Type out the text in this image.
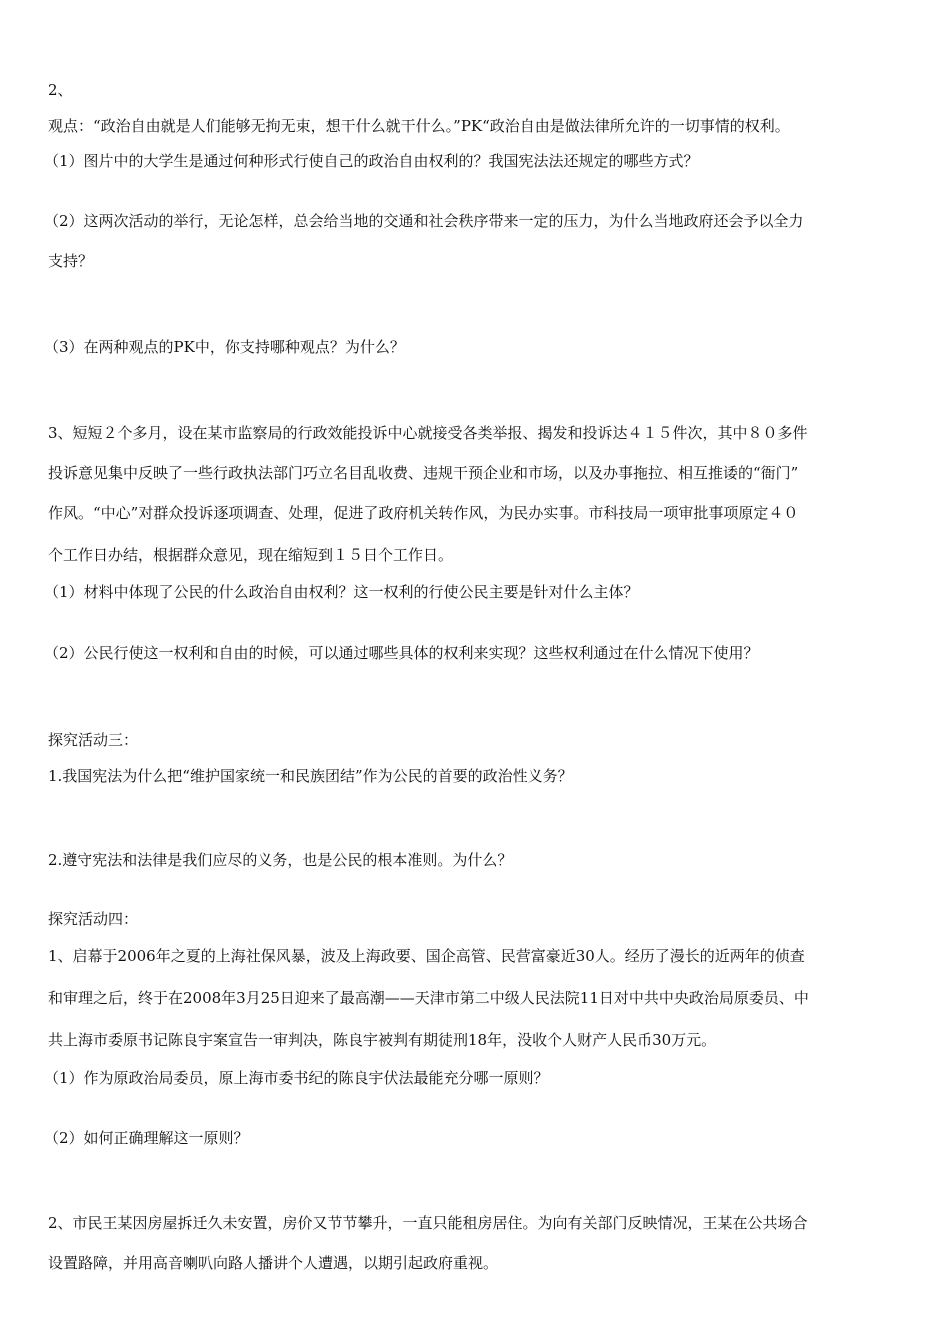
2、
观点：“政治自由就是人们能够无拘无束，想干什么就干什么。”PK“政治自由是做法律所允许的一切事情的权利。
（1）图片中的大学生是通过何种形式行使自己的政治自由权利的？我国宪法法还规定的哪些方式？
（2）这两次活动的举行，无论怎样，总会给当地的交通和社会秩序带来一定的压力，为什么当地政府还会予以全力
支持？
（3）在两种观点的PK中，你支持哪种观点？为什么？
3、短短２个多月，设在某市监察局的行政效能投诉中心就接受各类举报、揭发和投诉达４１５件次，其中８０多件
投诉意见集中反映了一些行政执法部门巧立名目乱收费、违规干预企业和市场，以及办事拖拉、相互推诿的“衙门”
作风。“中心”对群众投诉逐项调查、处理，促进了政府机关转作风，为民办实事。市科技局一项审批事项原定４０
个工作日办结，根据群众意见，现在缩短到１５日个工作日。
（1）材料中体现了公民的什么政治自由权利？这一权利的行使公民主要是针对什么主体？
（2）公民行使这一权利和自由的时候，可以通过哪些具体的权利来实现？这些权利通过在什么情况下使用？
探究活动三：
1.我国宪法为什么把“维护国家统一和民族团结”作为公民的首要的政治性义务？
2.遵守宪法和法律是我们应尽的义务，也是公民的根本准则。为什么？
探究活动四：
1、启幕于2006年之夏的上海社保风暴，波及上海政要、国企高管、民营富豪近30人。经历了漫长的近两年的侦查
和审理之后，终于在2008年3月25日迎来了最高潮——天津市第二中级人民法院11日对中共中央政治局原委员、中
共上海市委原书记陈良宇案宣告一审判决，陈良宇被判有期徒刑18年，没收个人财产人民币30万元。
（1）作为原政治局委员，原上海市委书纪的陈良宇伏法最能充分哪一原则？
（2）如何正确理解这一原则？
2、市民王某因房屋拆迁久未安置，房价又节节攀升，一直只能租房居住。为向有关部门反映情况，王某在公共场合
设置路障，并用高音喇叭向路人播讲个人遭遇，以期引起政府重视。
